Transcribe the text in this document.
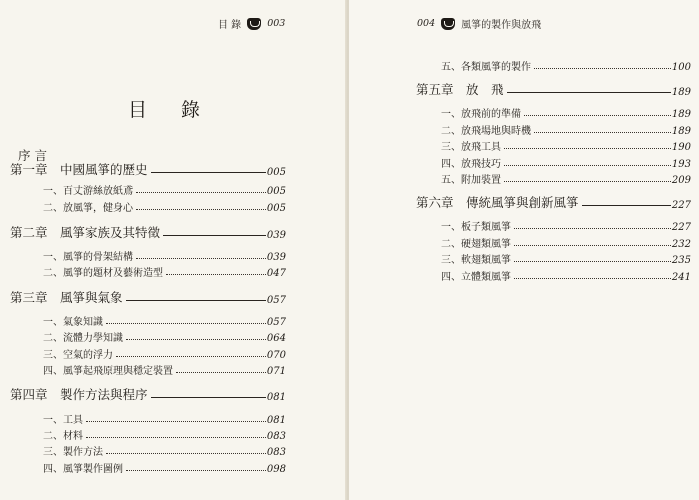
目 錄	003
目 錄
序 言
第一章　中國風箏的歷史	005
一、百丈游絲放紙鳶	005
二、放風箏，健身心	005
第二章　風箏家族及其特徵	039
一、風箏的骨架結構	039
二、風箏的題材及藝術造型	047
第三章　風箏與氣象	057
一、氣象知識	057
二、流體力學知識	064
三、空氣的浮力	070
四、風箏起飛原理與穩定裝置	071
第四章　製作方法與程序	081
一、工具	081
二、材料	083
三、製作方法	083
四、風箏製作圖例	098
004	風箏的製作與放飛
五、各類風箏的製作	100
第五章　放　飛	189
一、放飛前的準備	189
二、放飛場地與時機	189
三、放飛工具	190
四、放飛技巧	193
五、附加裝置	209
第六章　傳統風箏與創新風箏	227
一、板子類風箏	227
二、硬翅類風箏	232
三、軟翅類風箏	235
四、立體類風箏	241
